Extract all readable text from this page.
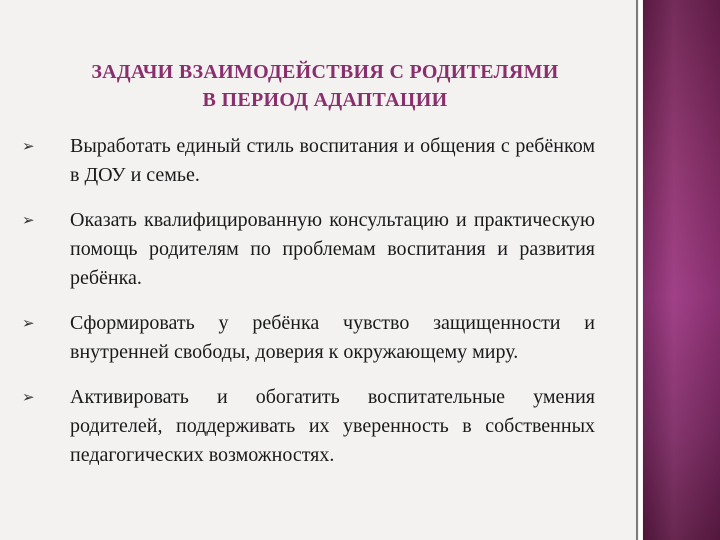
ЗАДАЧИ ВЗАИМОДЕЙСТВИЯ С РОДИТЕЛЯМИ
В ПЕРИОД АДАПТАЦИИ
➢	Выработать единый стиль воспитания и общения с ребёнком в ДОУ и семье.
➢	Оказать квалифицированную консультацию и практическую помощь родителям по проблемам воспитания и развития ребёнка.
➢	Сформировать у ребёнка чувство защищенности и внутренней свободы, доверия к окружающему миру.
➢	Активировать и обогатить воспитательные умения родителей, поддерживать их уверенность в собственных педагогических возможностях.
